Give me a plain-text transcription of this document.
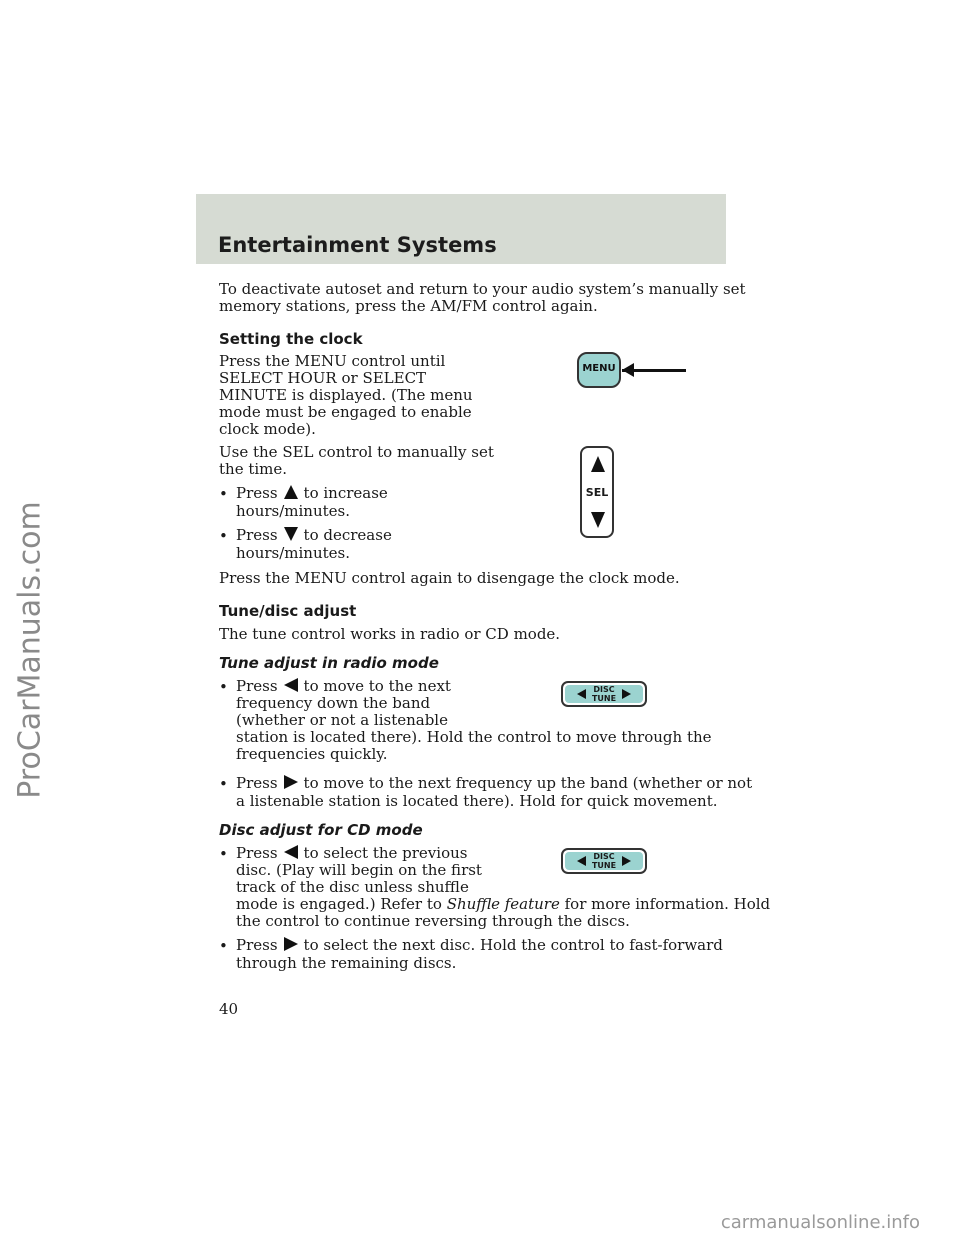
ProCarManuals.com
Entertainment Systems

To deactivate autoset and return to your audio system’s manually set

memory stations, press the AM/FM control again.

Setting the clock

Press the MENU control until

SELECT HOUR or SELECT

MINUTE is displayed. (The menu

mode must be engaged to enable

clock mode).

Use the SEL control to manually set

the time.

• Press to increase

hours/minutes.

• Press to decrease

hours/minutes.

Press the MENU control again to disengage the clock mode.

MENU
SEL

Tune/disc adjust

The tune control works in radio or CD mode.

Tune adjust in radio mode

• Press to move to the next

frequency down the band

(whether or not a listenable

station is located there). Hold the control to move through the

frequencies quickly.

• Press to move to the next frequency up the band (whether or not

a listenable station is located there). Hold for quick movement.

DISC
TUNE

Disc adjust for CD mode

• Press to select the previous

disc. (Play will begin on the first

track of the disc unless shuffle

mode is engaged.) Refer to Shuffle feature for more information. Hold

the control to continue reversing through the discs.

DISC
TUNE
• Press to select the next disc. Hold the control to fast-forward

through the remaining discs.

40
carmanualsonline.info
